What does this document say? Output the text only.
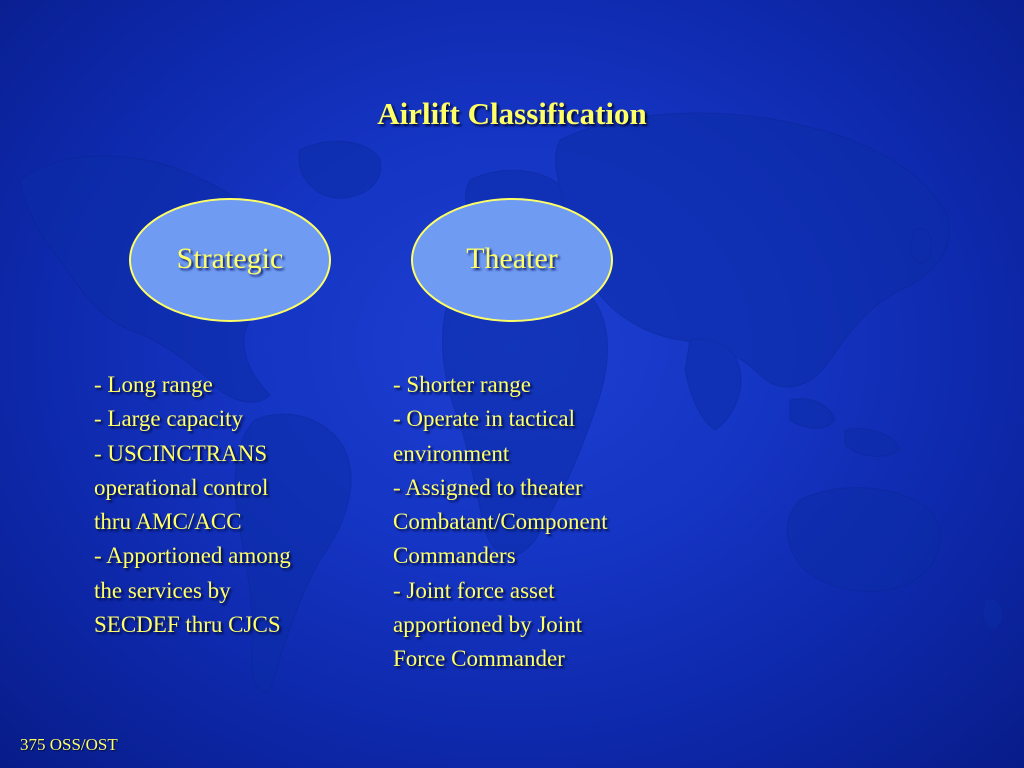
Airlift Classification
Strategic	Theater
- Long range
- Large capacity
- USCINCTRANS
operational control
thru AMC/ACC
- Apportioned among
the services by
SECDEF thru CJCS
- Shorter range
- Operate in tactical
environment
- Assigned to theater
Combatant/Component
Commanders
- Joint force asset
apportioned by Joint
Force Commander
375 OSS/OST
